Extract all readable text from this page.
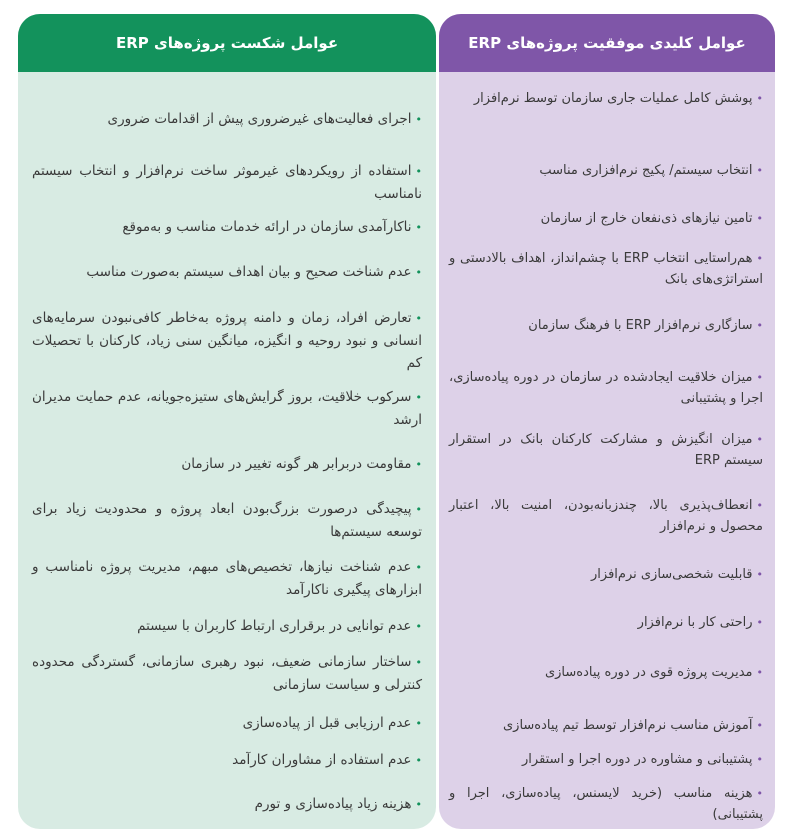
عوامل شکست پروژه‌های ERP
•اجرای فعالیت‌های غیرضروری پیش از اقدامات ضروری
•استفاده از رویکردهای غیرموثر ساخت نرم‌افزار و انتخاب سیستم نامناسب
•ناکارآمدی سازمان در ارائه خدمات مناسب و به‌موقع
•عدم شناخت صحیح و بیان اهداف سیستم به‌صورت مناسب
•تعارض افراد، زمان و دامنه پروژه به‌خاطر کافی‌نبودن سرمایه‌های انسانی و نبود روحیه و انگیزه، میانگین سنی زیاد، کارکنان با تحصیلات کم
•سرکوب خلاقیت، بروز گرایش‌های ستیزه‌جویانه، عدم حمایت مدیران ارشد
•مقاومت دربرابر هر گونه تغییر در سازمان
•پیچیدگی درصورت بزرگ‌بودن ابعاد پروژه و محدودیت زیاد برای توسعه سیستم‌ها
•عدم شناخت نیازها، تخصیص‌های مبهم، مدیریت پروژه نامناسب و ابزارهای پیگیری ناکارآمد
•عدم توانایی در برقراری ارتباط کاربران با سیستم
•ساختار سازمانی ضعیف، نبود رهبری سازمانی، گستردگی محدوده کنترلی و سیاست سازمانی
•عدم ارزیابی قبل از پیاده‌سازی
•عدم استفاده از مشاوران کارآمد
•هزینه زیاد پیاده‌سازی و تورم
عوامل کلیدی موفقیت پروژه‌های ERP
•پوشش کامل عملیات جاری سازمان توسط نرم‌افزار
•انتخاب سیستم/ پکیج نرم‌افزاری مناسب
•تامین نیازهای ذی‌نفعان خارج از سازمان
•هم‌راستایی انتخاب ERP با چشم‌انداز، اهداف بالادستی و استراتژی‌های بانک
•سازگاری نرم‌افزار ERP با فرهنگ سازمان
•میزان خلاقیت ایجادشده در سازمان در دوره پیاده‌سازی، اجرا و پشتیبانی
•میزان انگیزش و مشارکت کارکنان بانک در استقرار سیستم ERP
•انعطاف‌پذیری بالا، چندزبانه‌بودن، امنیت بالا، اعتبار محصول و نرم‌افزار
•قابلیت شخصی‌سازی نرم‌افزار
•راحتی کار با نرم‌افزار
•مدیریت پروژه قوی در دوره پیاده‌سازی
•آموزش مناسب نرم‌افزار توسط تیم پیاده‌سازی
•پشتیبانی و مشاوره در دوره اجرا و استقرار
•هزینه مناسب (خرید لایسنس، پیاده‌سازی، اجرا و پشتیبانی)
